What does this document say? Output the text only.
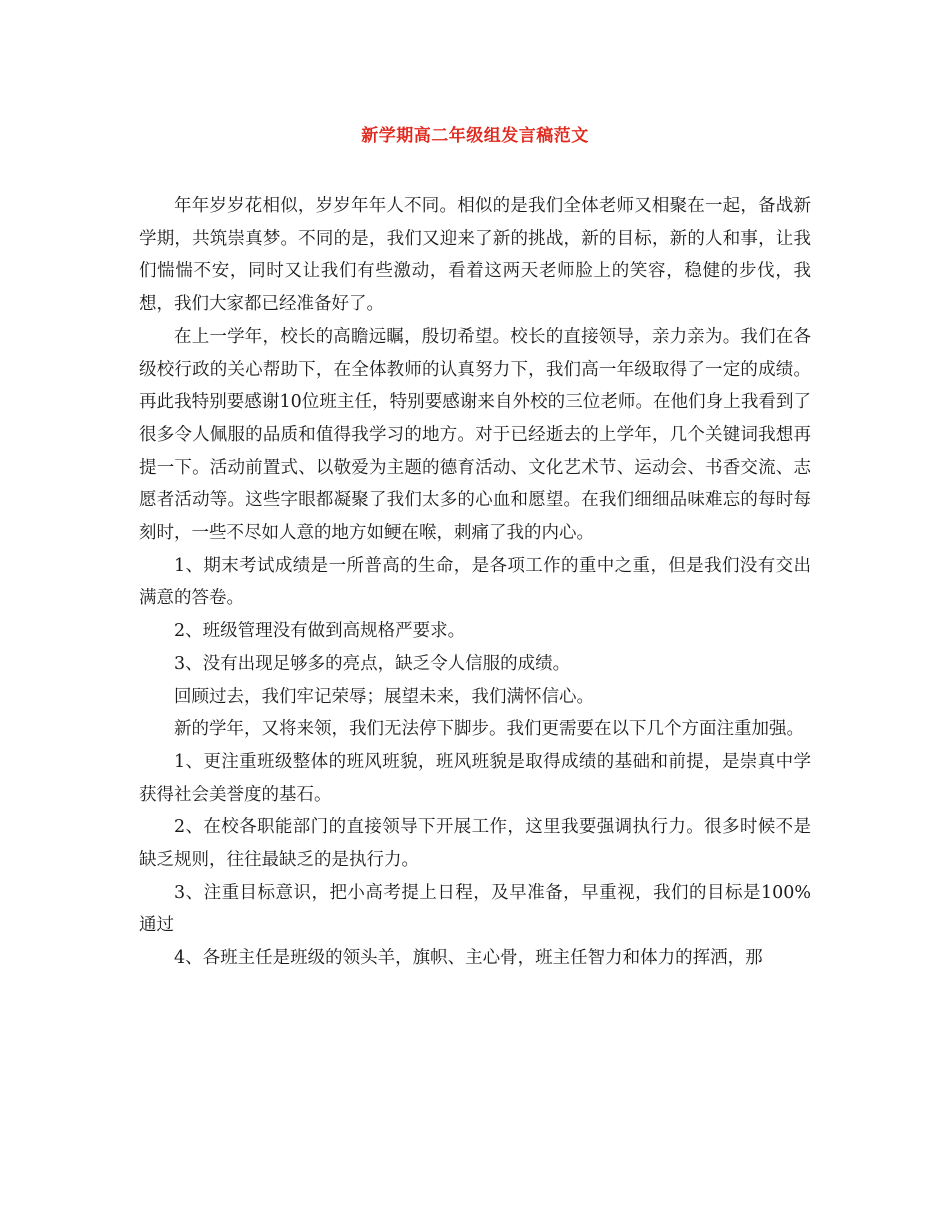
新学期高二年级组发言稿范文

年年岁岁花相似，岁岁年年人不同。相似的是我们全体老师又相聚在一起，备战新学期，共筑崇真梦。不同的是，我们又迎来了新的挑战，新的目标，新的人和事，让我们惴惴不安，同时又让我们有些激动，看着这两天老师脸上的笑容，稳健的步伐，我想，我们大家都已经准备好了。

在上一学年，校长的高瞻远瞩，殷切希望。校长的直接领导，亲力亲为。我们在各级校行政的关心帮助下，在全体教师的认真努力下，我们高一年级取得了一定的成绩。再此我特别要感谢10位班主任，特别要感谢来自外校的三位老师。在他们身上我看到了很多令人佩服的品质和值得我学习的地方。对于已经逝去的上学年，几个关键词我想再提一下。活动前置式、以敬爱为主题的德育活动、文化艺术节、运动会、书香交流、志愿者活动等。这些字眼都凝聚了我们太多的心血和愿望。在我们细细品味难忘的每时每刻时，一些不尽如人意的地方如鲠在喉，刺痛了我的内心。

1、期末考试成绩是一所普高的生命，是各项工作的重中之重，但是我们没有交出满意的答卷。

2、班级管理没有做到高规格严要求。

3、没有出现足够多的亮点，缺乏令人信服的成绩。

回顾过去，我们牢记荣辱；展望未来，我们满怀信心。

新的学年，又将来领，我们无法停下脚步。我们更需要在以下几个方面注重加强。

1、更注重班级整体的班风班貌，班风班貌是取得成绩的基础和前提，是崇真中学获得社会美誉度的基石。

2、在校各职能部门的直接领导下开展工作，这里我要强调执行力。很多时候不是缺乏规则，往往最缺乏的是执行力。

3、注重目标意识，把小高考提上日程，及早准备，早重视，我们的目标是100%通过

4、各班主任是班级的领头羊，旗帜、主心骨，班主任智力和体力的挥洒，那
